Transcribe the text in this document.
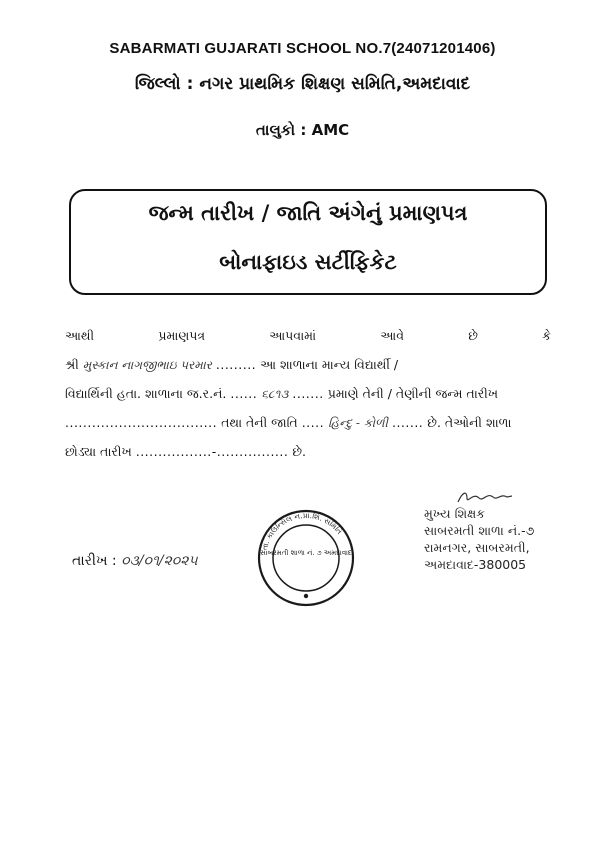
SABARMATI GUJARATI SCHOOL NO.7(24071201406)
જિલ્લો : નગર પ્રાથમિક શિક્ષણ સમિતિ,અમદાવાદ
તાલુકો : AMC
જન્મ તારીખ / જાતિ અંગેનું પ્રમાણપત્ર
બોનાફાઇડ સર્ટીફિકેટ
આથી	પ્રમાણપત્ર	આપવામાં	આવે	છે	કે
શ્રી મુસ્કાન નાગજીભાઇ પરમાર ......... આ શાળાના માન્ય વિદ્યાર્થી /
વિદ્યાર્થિની હતા. શાળાના જ.ર.નં. ...... ૬૮૧૩ ....... પ્રમાણે તેની / તેણીની જન્મ તારીખ
.................................. તથા તેની જાતિ ..... હિન્દુ - કોળી ....... છે. તેઓની શાળા
છોડ્યા તારીખ .................-................ છે.
તારીખ : ૦૩/૦૧/૨૦૨૫
તા. કાઉન્સિલ ન.પ્રા.શિ. સમિતિ
સાબરમતી શાળા નં. ૭ અમદાવાદ
મુખ્ય શિક્ષક
સાબરમતી શાળા નં.-૭
રામનગર, સાબરમતી,
અમદાવાદ-380005
